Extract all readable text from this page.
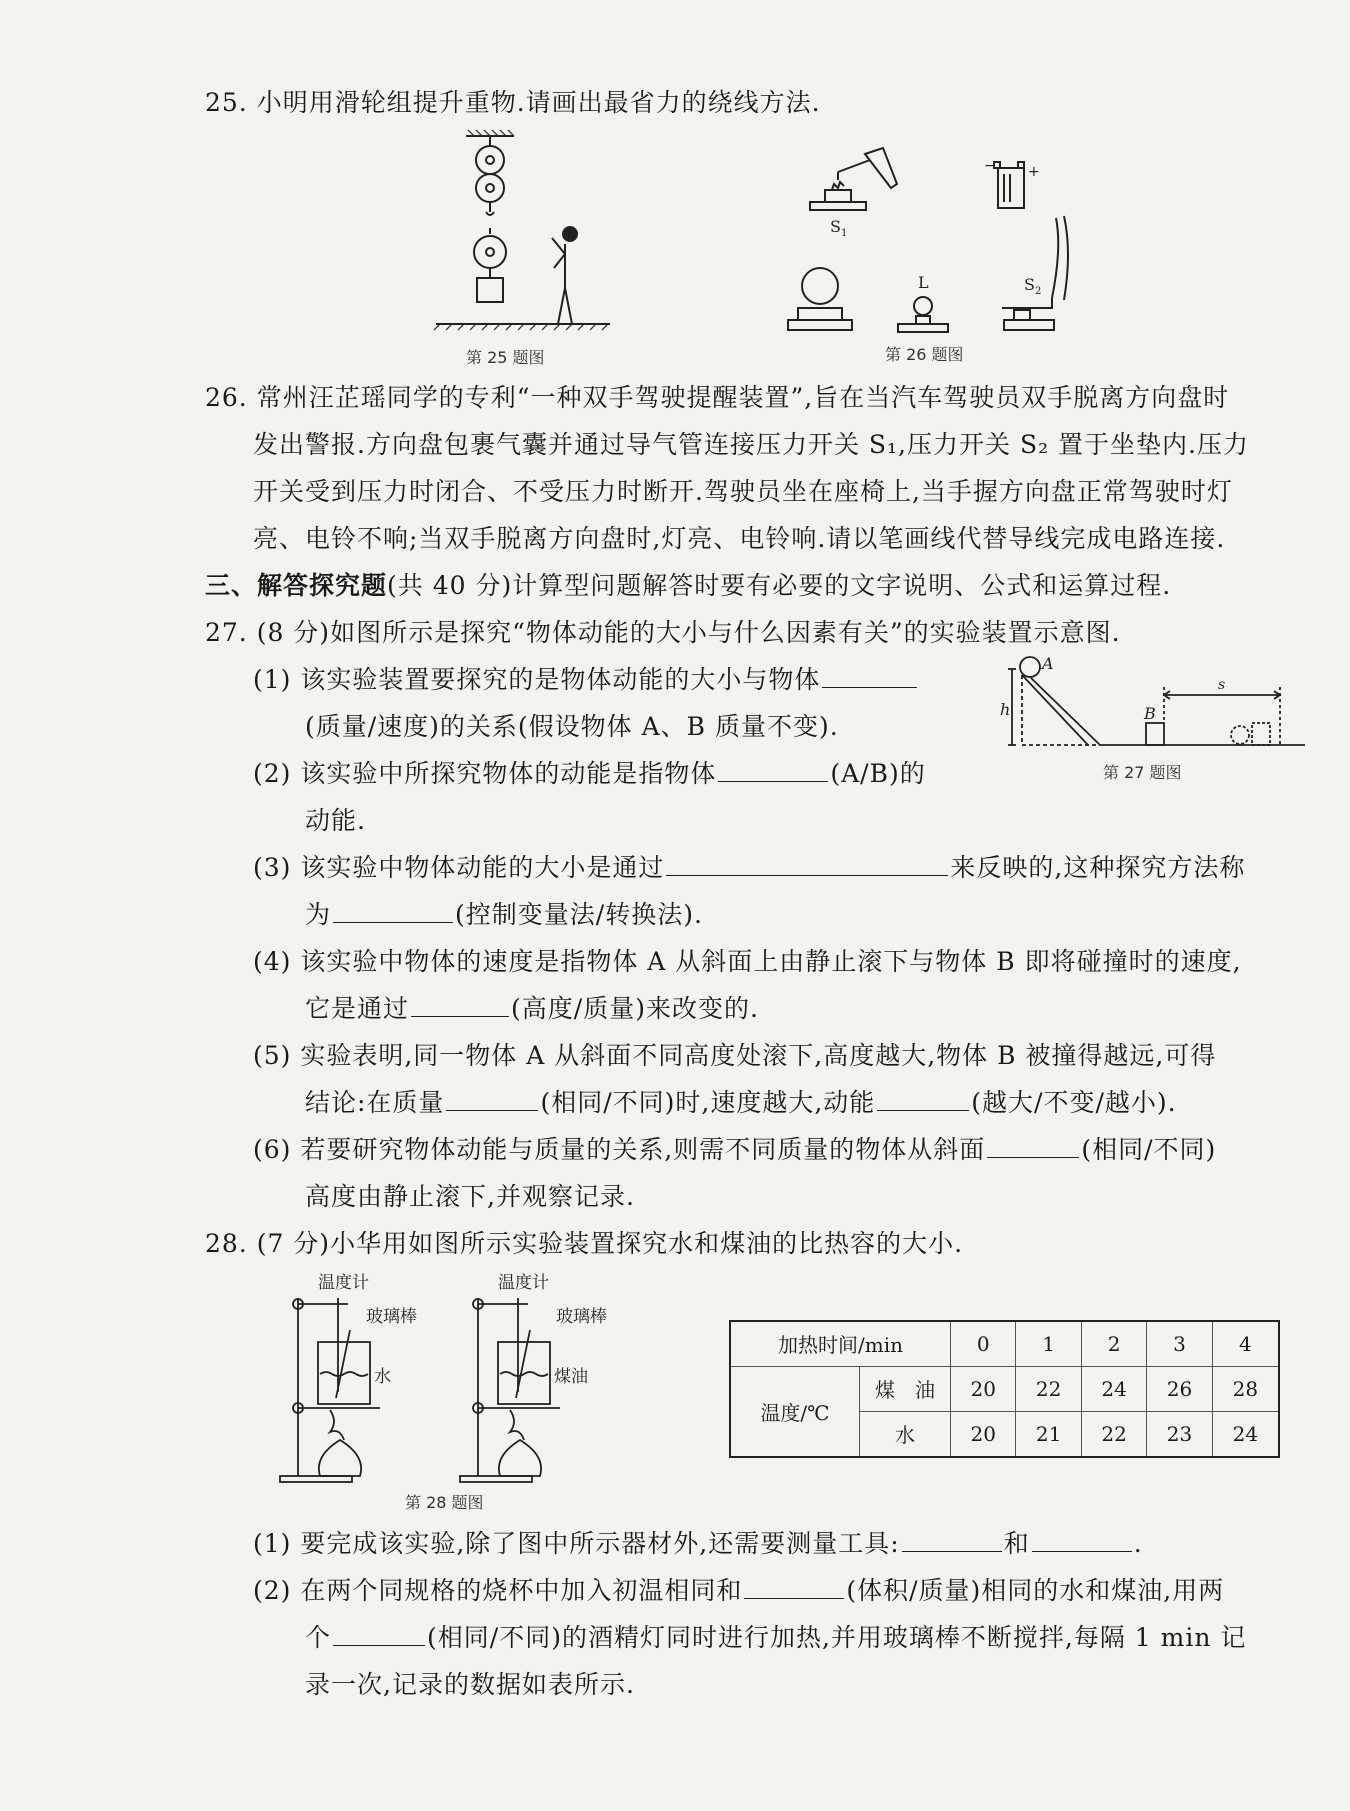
25. 小明用滑轮组提升重物.请画出最省力的绕线方法.
第 25 题图
+
−
S 1
L	S 2
第 26 题图
26. 常州汪芷瑶同学的专利“一种双手驾驶提醒装置”,旨在当汽车驾驶员双手脱离方向盘时
发出警报.方向盘包裹气囊并通过导气管连接压力开关 S₁,压力开关 S₂ 置于坐垫内.压力
开关受到压力时闭合、不受压力时断开.驾驶员坐在座椅上,当手握方向盘正常驾驶时灯
亮、电铃不响;当双手脱离方向盘时,灯亮、电铃响.请以笔画线代替导线完成电路连接.
三、解答探究题(共 40 分)计算型问题解答时要有必要的文字说明、公式和运算过程.
27. (8 分)如图所示是探究“物体动能的大小与什么因素有关”的实验装置示意图.
(1) 该实验装置要探究的是物体动能的大小与物体
(质量/速度)的关系(假设物体 A、B 质量不变).
(2) 该实验中所探究物体的动能是指物体	(A/B)的
动能.
(3) 该实验中物体动能的大小是通过	来反映的,这种探究方法称
为	(控制变量法/转换法).
(4) 该实验中物体的速度是指物体 A 从斜面上由静止滚下与物体 B 即将碰撞时的速度,
它是通过	(高度/质量)来改变的.
(5) 实验表明,同一物体 A 从斜面不同高度处滚下,高度越大,物体 B 被撞得越远,可得
结论:在质量	(相同/不同)时,速度越大,动能	(越大/不变/越小).
(6) 若要研究物体动能与质量的关系,则需不同质量的物体从斜面	(相同/不同)
高度由静止滚下,并观察记录.
A
h	B
s
第 27 题图
28. (7 分)小华用如图所示实验装置探究水和煤油的比热容的大小.
温度计
玻璃棒
水
温度计
玻璃棒
煤油
第 28 题图
加热时间/min		0	1	2	3	4
温度/℃	煤　油	20	22	24	26	28
	水	20	21	22	23	24
(1) 要完成该实验,除了图中所示器材外,还需要测量工具:	和	.
(2) 在两个同规格的烧杯中加入初温相同和	(体积/质量)相同的水和煤油,用两
个	(相同/不同)的酒精灯同时进行加热,并用玻璃棒不断搅拌,每隔 1 min 记
录一次,记录的数据如表所示.
